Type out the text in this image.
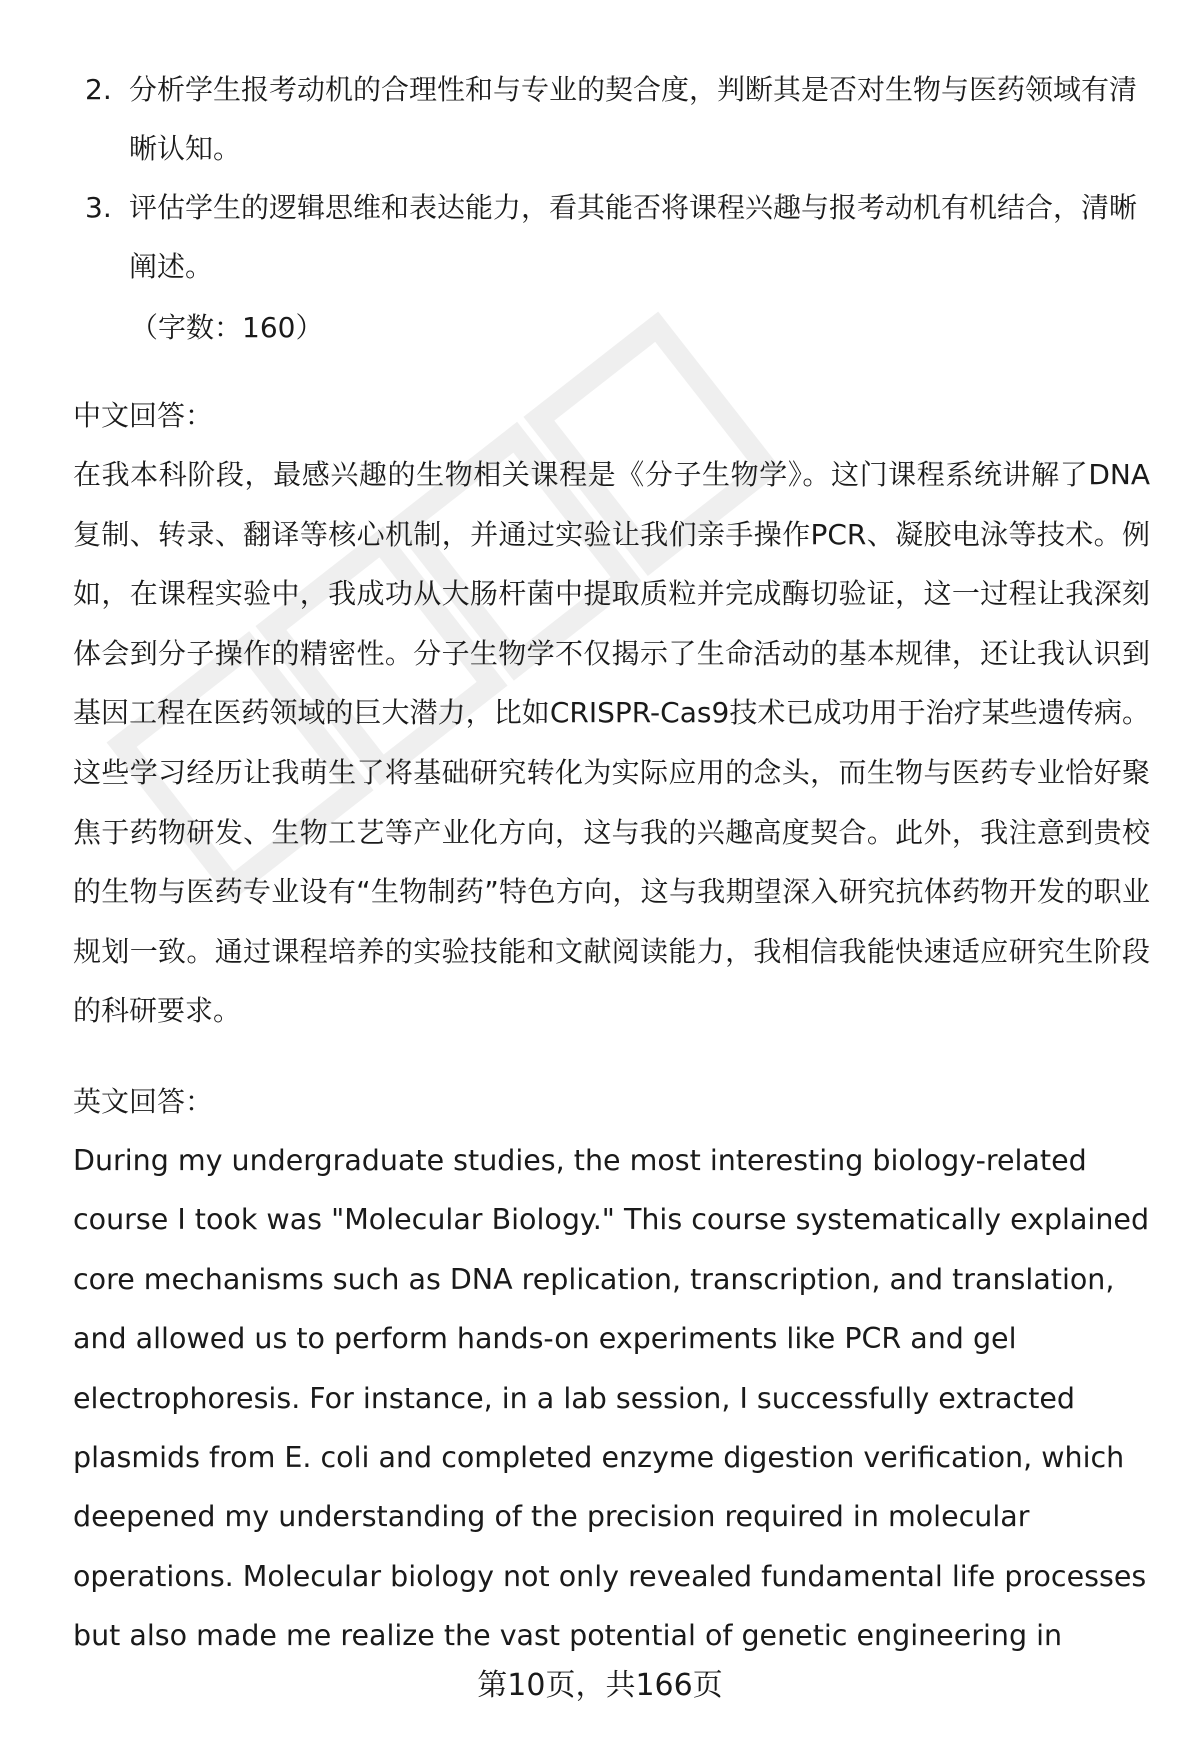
2. 分析学生报考动机的合理性和与专业的契合度，判断其是否对生物与医药领域有清晰认知。
3. 评估学生的逻辑思维和表达能力，看其能否将课程兴趣与报考动机有机结合，清晰阐述。
（字数：160）
中文回答：

在我本科阶段，最感兴趣的生物相关课程是《分子生物学》。这门课程系统讲解了DNA复制、转录、翻译等核心机制，并通过实验让我们亲手操作PCR、凝胶电泳等技术。例如，在课程实验中，我成功从大肠杆菌中提取质粒并完成酶切验证，这一过程让我深刻体会到分子操作的精密性。分子生物学不仅揭示了生命活动的基本规律，还让我认识到基因工程在医药领域的巨大潜力，比如CRISPR-Cas9技术已成功用于治疗某些遗传病。这些学习经历让我萌生了将基础研究转化为实际应用的念头，而生物与医药专业恰好聚焦于药物研发、生物工艺等产业化方向，这与我的兴趣高度契合。此外，我注意到贵校的生物与医药专业设有“生物制药”特色方向，这与我期望深入研究抗体药物开发的职业规划一致。通过课程培养的实验技能和文献阅读能力，我相信我能快速适应研究生阶段的科研要求。

英文回答：

During my undergraduate studies, the most interesting biology-related course I took was "Molecular Biology." This course systematically explained core mechanisms such as DNA replication, transcription, and translation, and allowed us to perform hands-on experiments like PCR and gel electrophoresis. For instance, in a lab session, I successfully extracted plasmids from E. coli and completed enzyme digestion verification, which deepened my understanding of the precision required in molecular operations. Molecular biology not only revealed fundamental life processes but also made me realize the vast potential of genetic engineering in

第10页，共166页
